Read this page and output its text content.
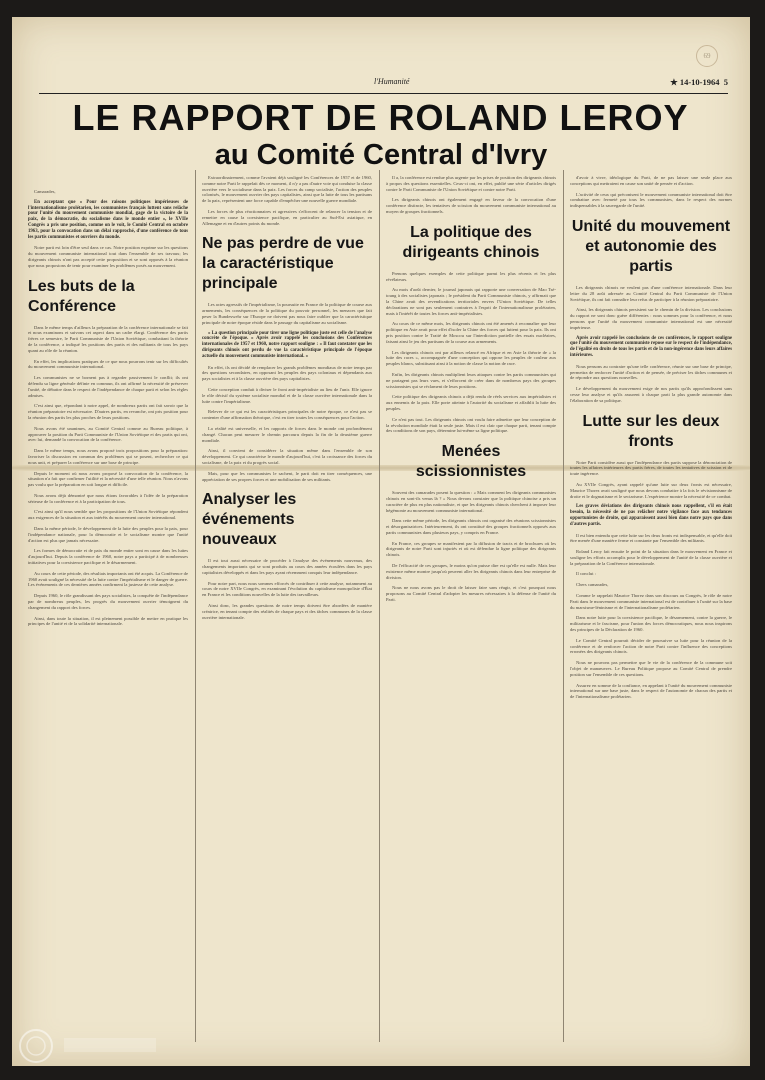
69
l'Humanité	★ 14-10-1964 5
LE RAPPORT DE ROLAND LEROY
au Comité Central d'Ivry

Camarades,

En acceptant que « Pour des raisons politiques impérieuses de l'internationalisme prolétarien, les communistes français luttent sans relâche pour l'unité du mouvement communiste mondial, gage de la victoire de la paix, de la démocratie, du socialisme dans le monde entier », le XVIIe Congrès a pris une position, comme on le voit, le Comité Central en octobre 1963, pour la convocation dans un délai rapproché, d'une conférence de tous les partis communistes et ouvriers du monde.

Notre parti est loin d'être seul dans ce cas. Notre position exprime sur les questions du mouvement communiste international tout dans l'ensemble de ses travaux; les dirigeants chinois n'ont pas accepté cette proposition et se sont opposés à la réunion que nous proposions de tenir pour examiner les problèmes posés au mouvement.

Les buts de la Conférence

Dans le même temps d'ailleurs la préparation de la conférence internationale se fait et nous examinons et suivons cet aspect dans un cadre élargi. Conférence des partis frères ce semestre, le Parti Communiste de l'Union Soviétique, combattant la théorie de la conférence, a indiqué les positions des partis et des militants de tous les pays quant au rôle de la réunion.

En effet, les implications pratiques de ce que nous pourrons tenir sur les difficultés du mouvement communiste international.

Les communistes ne se bornent pas à regarder passivement le conflit; ils ont défendu sa ligne générale définie en commun, ils ont affirmé la nécessité de préserver l'unité, de débattre dans le respect de l'indépendance de chaque parti et selon les règles admises.

C'est ainsi que, répondant à notre appel, de nombreux partis ont fait savoir que la réunion préparatoire est nécessaire. D'autres partis, en revanche, ont pris position pour la réunion des partis les plus proches de leurs positions.

Nous avons été unanimes, au Comité Central comme au Bureau politique, à approuver la position du Parti Communiste de l'Union Soviétique et des partis qui ont, avec lui, demandé la convocation de la conférence.

Dans le même temps, nous avons proposé trois propositions pour la préparation: favoriser la discussion en commun des problèmes qui se posent, rechercher ce qui nous unit, et préparer la conférence sur une base de principe.

Depuis le moment où nous avons proposé la convocation de la conférence, la situation n'a fait que confirmer l'utilité et la nécessité d'une telle réunion. Nous n'avons pas voulu que la préparation en soit longue et difficile.

Nous avons déjà démontré que nous étions favorables à l'idée de la préparation sérieuse de la conférence et à la participation de tous.

C'est ainsi qu'il nous semble que les propositions de l'Union Soviétique répondent aux exigences de la situation et aux intérêts du mouvement ouvrier international.

Dans la même période, le développement de la lutte des peuples pour la paix, pour l'indépendance nationale, pour la démocratie et le socialisme montre que l'unité d'action est plus que jamais nécessaire.

Les formes de démocratie et de paix du monde entier sont en cause dans les luttes d'aujourd'hui. Depuis la conférence de 1960, notre pays a participé à de nombreuses initiatives pour la coexistence pacifique et le désarmement.

Au cours de cette période, des résultats importants ont été acquis. La Conférence de 1960 avait souligné la nécessité de la lutte contre l'impérialisme et le danger de guerre. Les événements de ces dernières années confirment la justesse de cette analyse.

Depuis 1960, le rôle grandissant des pays socialistes, la conquête de l'indépendance par de nombreux peuples, les progrès du mouvement ouvrier témoignent du changement du rapport des forces.

Ainsi, dans toute la situation, il est pleinement possible de mettre en pratique les principes de l'unité et de la solidarité internationale.

Extraordinairement, comme l'avaient déjà souligné les Conférences de 1957 et de 1960, comme notre Parti le rappelait dès ce moment, il n'y a pas d'autre voie qui conduise la classe ouvrière vers le socialisme dans la paix. Les forces du camp socialiste, l'action des peuples colonisés, le mouvement ouvrier des pays capitalistes, ainsi que la lutte de tous les partisans de la paix, représentent une force capable d'empêcher une nouvelle guerre mondiale.

Les forces de plus réactionnaires et agressives s'efforcent de relancer la tension et de remettre en cause la coexistence pacifique, en particulier au Sud-Est asiatique, en Allemagne et en d'autres points du monde.

Ne pas perdre de vue la caractéristique principale

Les actes agressifs de l'impérialisme, la poursuite en France de la politique de course aux armements, les conséquences de la politique du pouvoir personnel, les menaces que fait peser la Bundeswehr sur l'Europe ne doivent pas nous faire oublier que la caractéristique principale de notre époque réside dans le passage du capitalisme au socialisme.

« La question principale pour tirer une ligne politique juste est celle de l'analyse concrète de l'époque. » Après avoir rappelé les conclusions des Conférences internationales de 1957 et 1960, notre rapport souligne : « Il faut constater que les dirigeants chinois ont perdu de vue la caractéristique principale de l'époque actuelle du mouvement communiste international. »

En effet, ils ont décidé de remplacer les grands problèmes mondiaux de notre temps par des questions secondaires, en opposant les peuples des pays coloniaux et dépendants aux pays socialistes et à la classe ouvrière des pays capitalistes.

Cette conception conduit à diviser le front anti-impérialiste au lieu de l'unir. Elle ignore le rôle décisif du système socialiste mondial et de la classe ouvrière internationale dans la lutte contre l'impérialisme.

Relever de ce qui est les caractéristiques principales de notre époque, ce n'est pas se contenter d'une affirmation théorique, c'est en tirer toutes les conséquences pour l'action.

La réalité est universelle, et les rapports de forces dans le monde ont profondément changé. Chacun peut mesurer le chemin parcouru depuis la fin de la deuxième guerre mondiale.

Ainsi, il convient de considérer la situation même dans l'ensemble de son développement. Ce qui caractérise le monde d'aujourd'hui, c'est la croissance des forces du socialisme, de la paix et du progrès social.

Mais, pour que les communistes le sachent, le parti doit en tirer conséquences, une appréciation de ses propres forces et une mobilisation de ses militants.

Analyser les événements nouveaux

Il est tout aussi nécessaire de procéder à l'analyse des événements nouveaux, des changements importants qui se sont produits au cours des années écoulées dans les pays capitalistes développés et dans les pays ayant récemment conquis leur indépendance.

Pour notre part, nous nous sommes efforcés de contribuer à cette analyse, notamment au cours de notre XVIIe Congrès, en examinant l'évolution du capitalisme monopoliste d'État en France et les conditions nouvelles de la lutte des travailleurs.

Ainsi donc, les grandes questions de notre temps doivent être abordées de manière créatrice, en tenant compte des réalités de chaque pays et des tâches communes de la classe ouvrière internationale.

Il a, la conférence est rendue plus urgente par les prises de position des dirigeants chinois à propos des questions essentielles. Ceux-ci ont, en effet, publié une série d'articles dirigés contre le Parti Communiste de l'Union Soviétique et contre notre Parti.

Les dirigeants chinois ont également engagé en faveur de la convocation d'une conférence distincte, les tentatives de scission du mouvement communiste international au moyen de groupes fractionnels.

La politique des dirigeants chinois

Prenons quelques exemples de cette politique parmi les plus récents et les plus révélateurs.

Au mois d'août dernier, le journal japonais qui rapporte une conversation de Mao Tsé-toung à des socialistes japonais ; le président du Parti Communiste chinois, y affirmait que la Chine avait des revendications territoriales envers l'Union Soviétique. De telles déclarations ne sont pas seulement contraires à l'esprit de l'internationalisme prolétarien, mais à l'intérêt de toutes les forces anti-impérialistes.

Au cours de ce même mois, les dirigeants chinois ont été amenés à reconnaître que leur politique en Asie avait pour effet d'isoler la Chine des forces qui luttent pour la paix. Ils ont pris position contre le Traité de Moscou sur l'interdiction partielle des essais nucléaires, faisant ainsi le jeu des partisans de la course aux armements.

Les dirigeants chinois ont par ailleurs relancé en Afrique et en Asie la théorie de « la lutte des races », accompagnée d'une conception qui oppose les peuples de couleur aux peuples blancs, substituant ainsi à la notion de classe la notion de race.

Enfin, les dirigeants chinois multiplient leurs attaques contre les partis communistes qui ne partagent pas leurs vues, et s'efforcent de créer dans de nombreux pays des groupes scissionnistes qui se réclament de leurs positions.

Cette politique des dirigeants chinois a déjà rendu de réels services aux impérialistes et aux ennemis de la paix. Elle porte atteinte à l'autorité du socialisme et affaiblit la lutte des peuples.

Ce n'est pas tout. Les dirigeants chinois ont voulu faire admettre que leur conception de la révolution mondiale était la seule juste. Mais il est clair que chaque parti, tenant compte des conditions de son pays, détermine lui-même sa ligne politique.

Menées scissionnistes

Souvent des camarades posent la question : « Mais comment les dirigeants communistes chinois en sont-ils venus là ? » Nous devons constater que la politique chinoise a pris un caractère de plus en plus nationaliste, et que les dirigeants chinois cherchent à imposer leur hégémonie au mouvement communiste international.

Dans cette même période, les dirigeants chinois ont organisé des réunions scissionnistes et désorganisatrices. Intérieurement, ils ont constitué des groupes fractionnels opposés aux partis communistes dans plusieurs pays, y compris en France.

En France, ces groupes se manifestent par la diffusion de tracts et de brochures où les dirigeants de notre Parti sont injuriés et où est défendue la ligne politique des dirigeants chinois.

De l'efficacité de ces groupes, le moins qu'on puisse dire est qu'elle est nulle. Mais leur existence même montre jusqu'où peuvent aller les dirigeants chinois dans leur entreprise de division.

Nous ne nous avons pas le droit de laisser faire sans réagir, et c'est pourquoi nous proposons au Comité Central d'adopter les mesures nécessaires à la défense de l'unité du Parti.

d'avoir à vivre, idéologique du Parti, de ne pas laisser une seule place aux conceptions qui mettraient en cause son unité de pensée et d'action.

L'activité de ceux qui préconisent le mouvement communiste international doit être combattue avec fermeté par tous les communistes, dans le respect des normes indispensables à la sauvegarde de l'unité.

Unité du mouvement et autonomie des partis

Les dirigeants chinois ne veulent pas d'une conférence internationale. Dans leur lettre du 28 août adressée au Comité Central du Parti Communiste de l'Union Soviétique, ils ont fait connaître leur refus de participer à la réunion préparatoire.

Ainsi, les dirigeants chinois persistent sur le chemin de la division. Les conclusions du rapport ne sont donc guère différentes : nous sommes pour la conférence, et nous pensons que l'unité du mouvement communiste international est une nécessité impérieuse.

Après avoir rappelé les conclusions de ces conférences, le rapport souligne que l'unité du mouvement communiste repose sur le respect de l'indépendance, de l'égalité en droits de tous les partis et de la non-ingérence dans leurs affaires intérieures.

Nous pensons au contraire qu'une telle conférence, réunie sur une base de principe, permettra de renforcer l'unité d'action et de pensée, de préciser les tâches communes et de répondre aux questions nouvelles.

Le développement du mouvement exige de nos partis qu'ils approfondissent sans cesse leur analyse et qu'ils assurent à chaque parti la plus grande autonomie dans l'élaboration de sa politique.

Lutte sur les deux fronts

Notre Parti considère aussi que l'indépendance des partis suppose la dénonciation de toutes les affaires intérieures des partis frères, de toutes les tentatives de scission et de toute ingérence.

Au XVIIe Congrès, ayant rappelé qu'une lutte sur deux fronts est nécessaire, Maurice Thorez avait souligné que nous devons combattre à la fois le révisionnisme de droite et le dogmatisme et le sectarisme. L'expérience montre la nécessité de ce combat.

Les graves déviations des dirigeants chinois nous rappellent, s'il en était besoin, la nécessité de ne pas relâcher notre vigilance face aux tendances opportunistes de droite, qui apparaissent aussi bien dans notre pays que dans d'autres partis.

Il est bien entendu que cette lutte sur les deux fronts est indispensable, et qu'elle doit être menée d'une manière ferme et constante par l'ensemble des militants.

Roland Leroy fait ensuite le point de la situation dans le mouvement en France et souligne les efforts accomplis pour le développement de l'unité de la classe ouvrière et la préparation de la Conférence internationale.

Il conclut :

Chers camarades,

Comme le rappelait Maurice Thorez dans son discours au Congrès, le rôle de notre Parti dans le mouvement communiste international est de contribuer à l'unité sur la base du marxisme-léninisme et de l'internationalisme prolétarien.

Dans notre lutte pour la coexistence pacifique, le désarmement, contre la guerre, le militarisme et le fascisme, pour l'union des forces démocratiques, nous nous inspirons des principes de la Déclaration de 1960.

Le Comité Central pourrait décider de poursuivre sa lutte pour la réunion de la conférence et de renforcer l'action de notre Parti contre l'influence des conceptions erronées des dirigeants chinois.

Nous ne pouvons pas permettre que le vie de la conférence de la commune soit l'objet de manœuvres. Le Bureau Politique propose au Comité Central de prendre position sur l'ensemble de ces questions.

Assurez en somme de la confiance, en appelant à l'unité du mouvement communiste international sur une base juste, dans le respect de l'autonomie de chacun des partis et de l'internationalisme prolétarien.
